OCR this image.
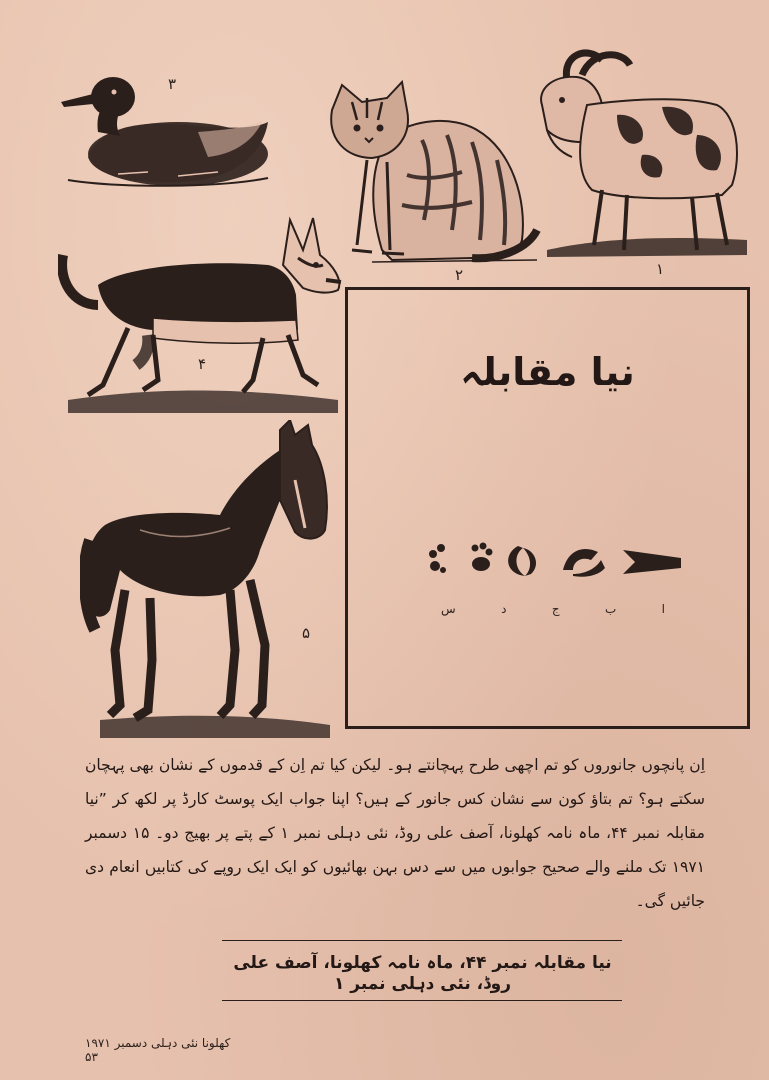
۳
۲	۱
۴
۵
نیا مقابلہ
ا
ب
ج
د
س
اِن پانچوں جانوروں کو تم اچھی طرح پہچانتے ہو۔ لیکن کیا تم اِن کے قدموں کے نشان بھی پہچان سکتے ہو؟ تم بتاؤ کون سے نشان کس جانور کے ہیں؟ اپنا جواب ایک پوسٹ کارڈ پر لکھ کر ”نیا مقابلہ نمبر ۴۴، ماہ نامہ کھلونا، آصف علی روڈ، نئی دہلی نمبر ۱ کے پتے پر بھیج دو۔ ۱۵ دسمبر ۱۹۷۱ تک ملنے والے صحیح جوابوں میں سے دس بہن بھائیوں کو ایک ایک روپے کی کتابیں انعام دی جائیں گی۔
نیا مقابلہ نمبر ۴۴، ماہ نامہ کھلونا، آصف علی روڈ، نئی دہلی نمبر ۱
کھلونا نئی دہلی دسمبر ۱۹۷۱ ۵۳
